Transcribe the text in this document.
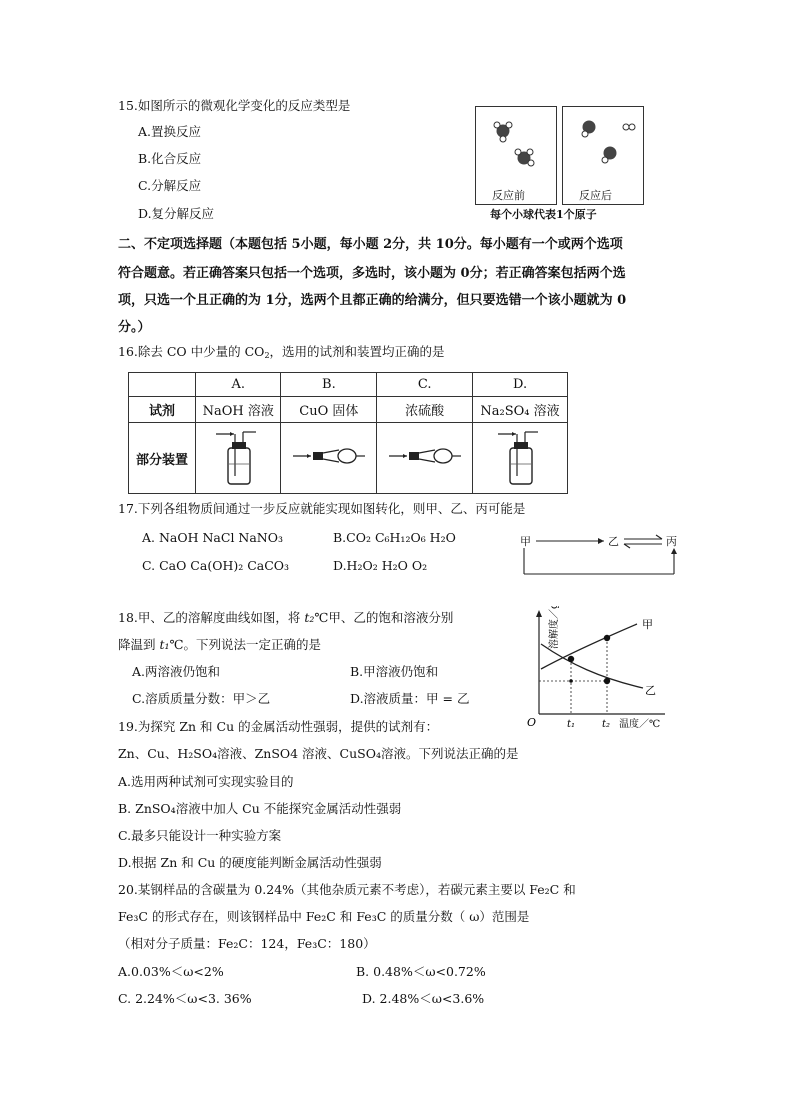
15.如图所示的微观化学变化的反应类型是
A.置换反应
B.化合反应
C.分解反应
D.复分解反应
反应前	反应后
每个小球代表1个原子
二、不定项选择题（本题包括 5小题，每小题 2分，共 10分。每小题有一个或两个选项
符合题意。若正确答案只包括一个选项，多选时，该小题为 0分；若正确答案包括两个选
项，只选一个且正确的为 1分，选两个且都正确的给满分，但只要选错一个该小题就为 0
分。）
16.除去 CO 中少量的 $CO_2$，选用的试剂和装置均正确的是
	A.	B.	C.	D.
试剂	NaOH 溶液	CuO 固体	浓硫酸	Na₂SO₄ 溶液
部分装置				
17.下列各组物质间通过一步反应就能实现如图转化，则甲、乙、丙可能是
A. NaOH NaCl NaNO₃	B.CO₂ C₆H₁₂O₆ H₂O
C. CaO Ca(OH)₂ CaCO₃	D.H₂O₂ H₂O O₂
甲	乙	丙
18.甲、乙的溶解度曲线如图，将 t₂℃甲、乙的饱和溶液分别
降温到 t₁℃。下列说法一定正确的是
A.两溶液仍饱和	B.甲溶液仍饱和
C.溶质质量分数：甲＞乙	D.溶液质量：甲 = 乙
溶解度／g
温度／℃
O	t₁	t₂
甲
乙
19.为探究 Zn 和 Cu 的金属活动性强弱，提供的试剂有：
Zn、Cu、H₂SO₄溶液、ZnSO4 溶液、CuSO₄溶液。下列说法正确的是
A.选用两种试剂可实现实验目的
B. ZnSO₄溶液中加人 Cu 不能探究金属活动性强弱
C.最多只能设计一种实验方案
D.根据 Zn 和 Cu 的硬度能判断金属活动性强弱
20.某钢样品的含碳量为 0.24%（其他杂质元素不考虑），若碳元素主要以 Fe₂C 和
Fe₃C 的形式存在，则该钢样品中 Fe₂C 和 Fe₃C 的质量分数（ ω）范围是
（相对分子质量：Fe₂C：124，Fe₃C：180）
A.0.03%＜ω<2%	B. 0.48%＜ω<0.72%
C. 2.24%＜ω<3. 36%	D. 2.48%＜ω<3.6%
